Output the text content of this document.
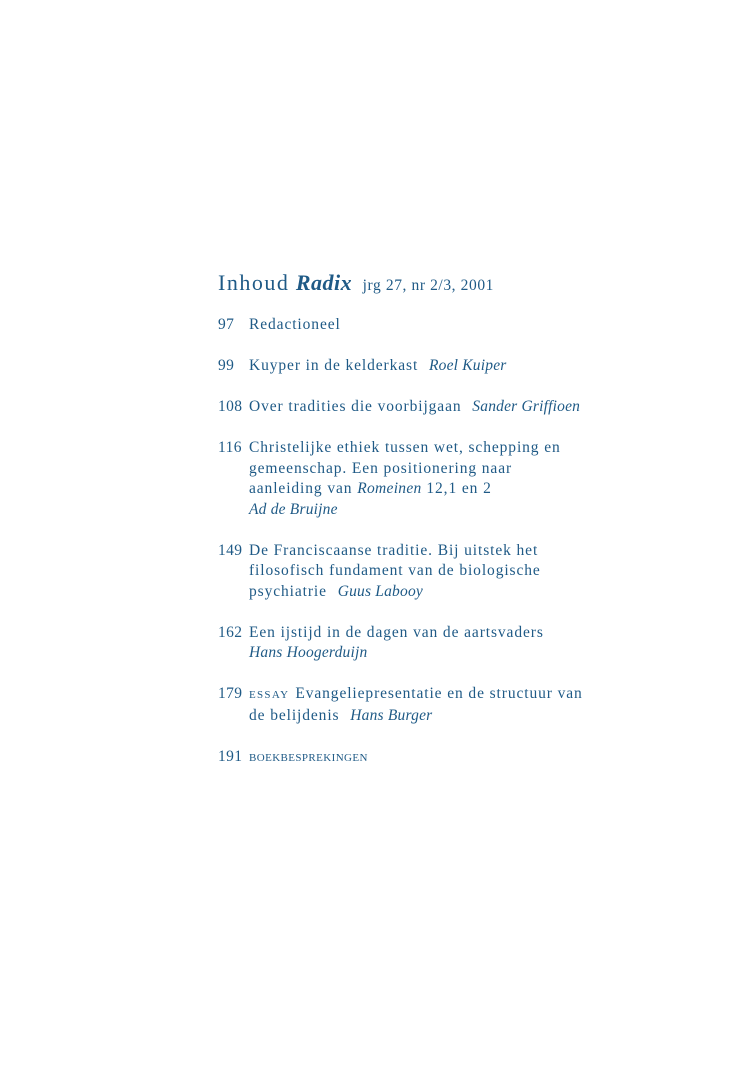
Inhoud Radix jrg 27, nr 2/3, 2001
97 Redactioneel
99 Kuyper in de kelderkast Roel Kuiper
108 Over tradities die voorbijgaan Sander Griffioen
116 Christelijke ethiek tussen wet, schepping en
gemeenschap. Een positionering naar
aanleiding van Romeinen 12,1 en 2
Ad de Bruijne
149 De Franciscaanse traditie. Bij uitstek het
filosofisch fundament van de biologische
psychiatrie Guus Labooy
162 Een ijstijd in de dagen van de aartsvaders
Hans Hoogerduijn
179 ESSAY Evangeliepresentatie en de structuur van
de belijdenis Hans Burger
191 BOEKBESPREKINGEN
